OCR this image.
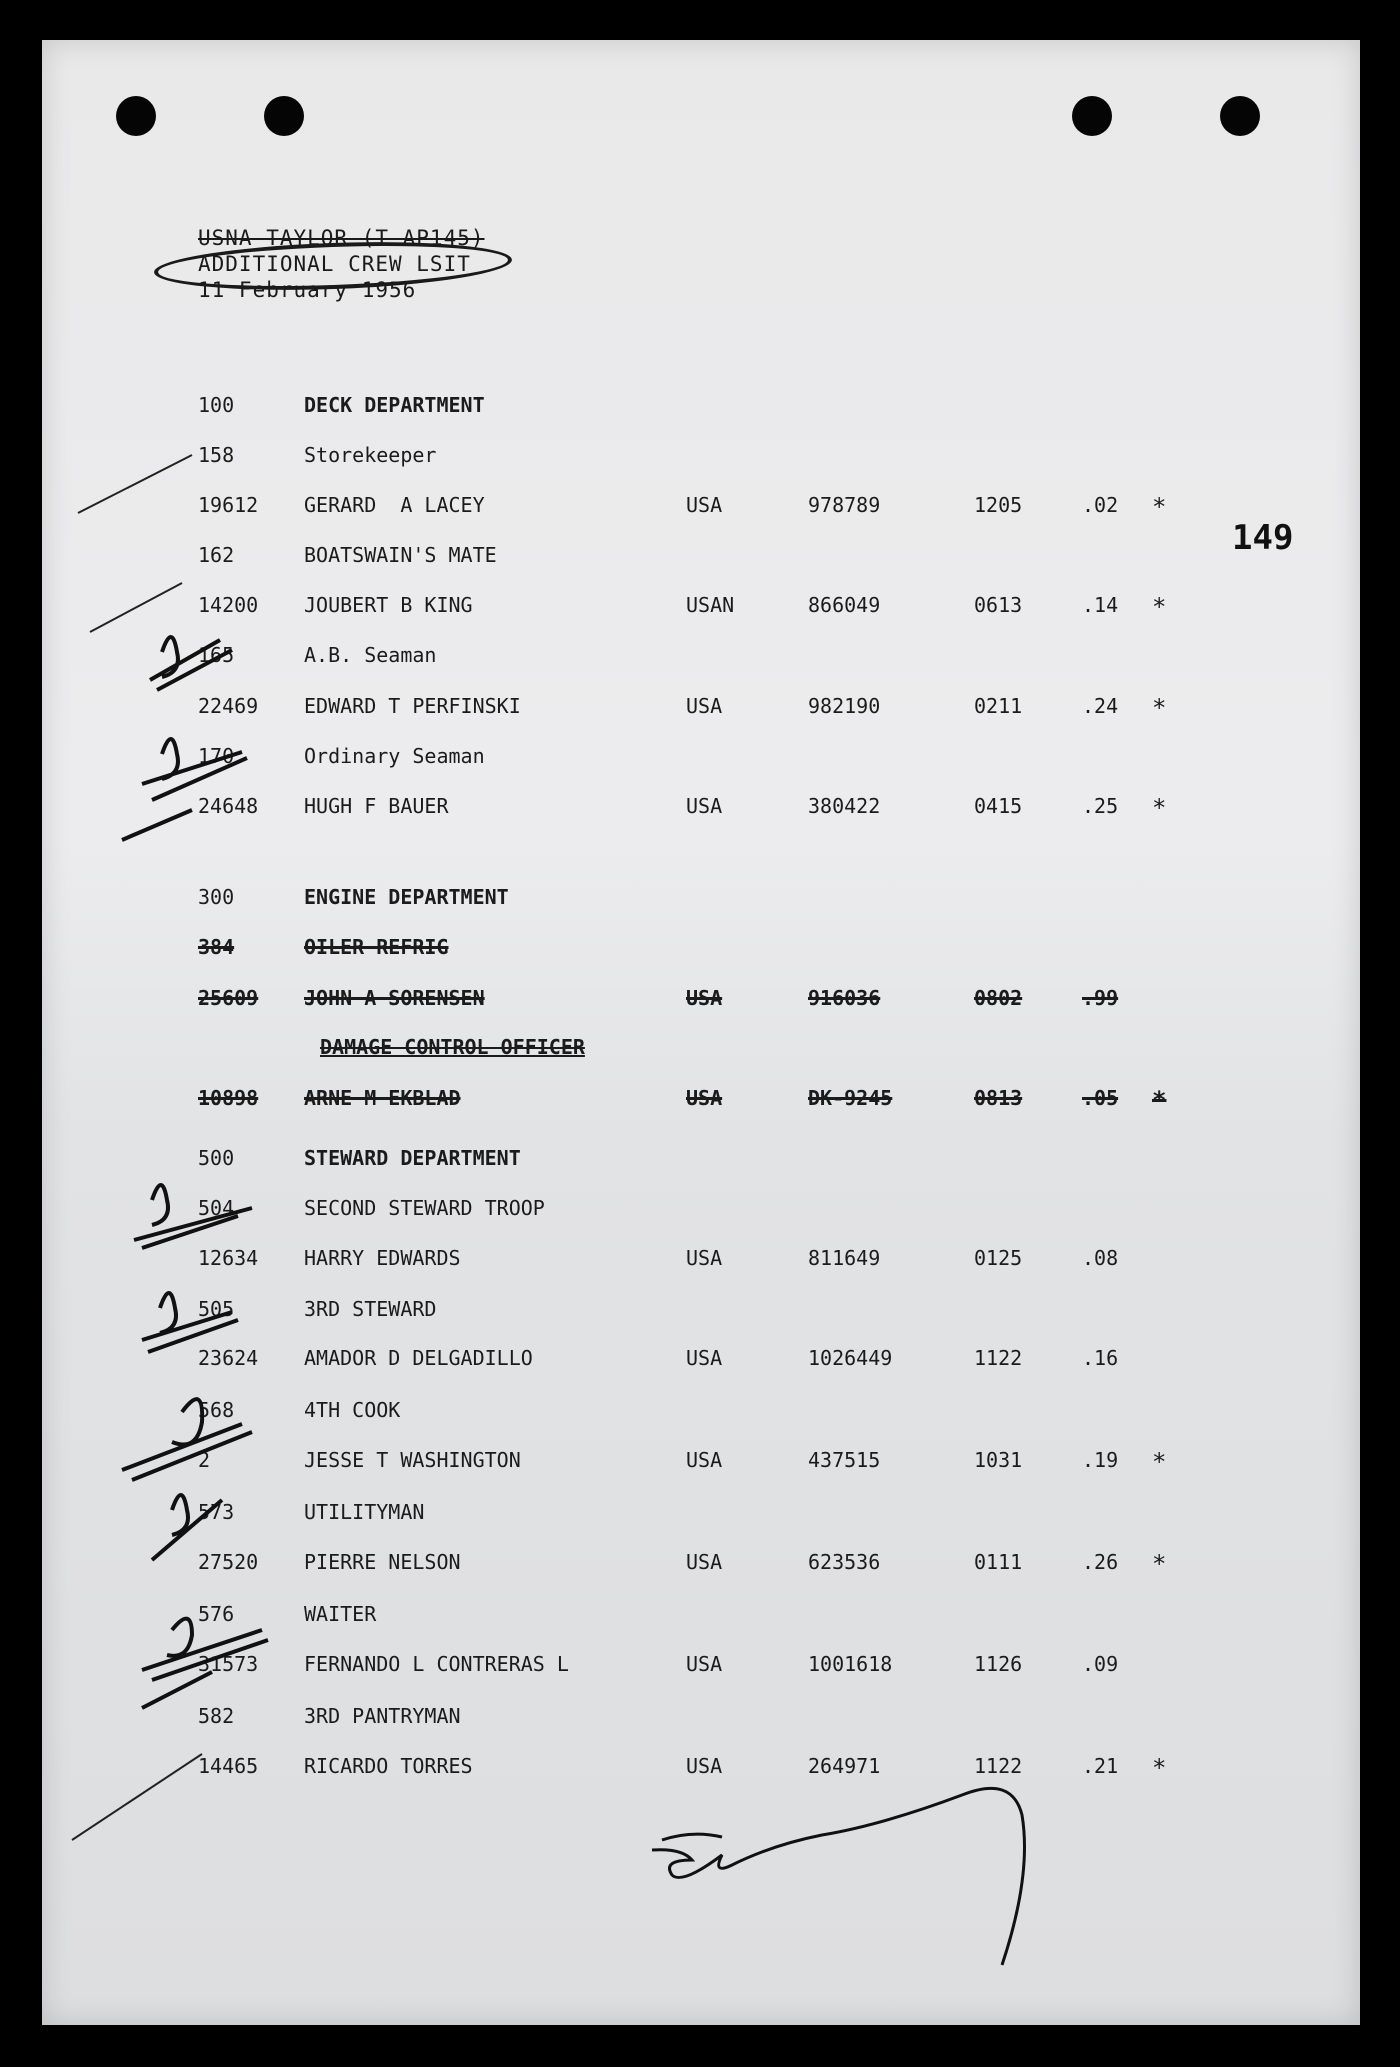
USNA TAYLOR (T-AP145)
ADDITIONAL CREW LSIT
11 February 1956
149
100	DECK DEPARTMENT
158	Storekeeper
19612 GERARD  A LACEY	USA	978789	1205	.02 *
162	BOATSWAIN'S MATE
14200 JOUBERT B KING	USAN	866049	0613	.14 *
165	A.B. Seaman
22469 EDWARD T PERFINSKI	USA	982190	0211	.24 *
170	Ordinary Seaman
24648 HUGH F BAUER	USA	380422	0415	.25 *
300	ENGINE DEPARTMENT
384	OILER REFRIG
25609 JOHN A SORENSEN	USA	916036	0802	.99
DAMAGE CONTROL OFFICER
10898 ARNE M EKBLAD	USA	DK-9245	0813	.05 *
500	STEWARD DEPARTMENT
504	SECOND STEWARD TROOP
12634 HARRY EDWARDS	USA	811649	0125	.08
505	3RD STEWARD
23624 AMADOR D DELGADILLO	USA	1026449	1122	.16
568	4TH COOK
2	JESSE T WASHINGTON	USA	437515	1031	.19 *
573	UTILITYMAN
27520 PIERRE NELSON	USA	623536	0111	.26 *
576	WAITER
31573 FERNANDO L CONTRERAS L	USA	1001618	1126	.09
582	3RD PANTRYMAN
14465 RICARDO TORRES	USA	264971	1122	.21 *
